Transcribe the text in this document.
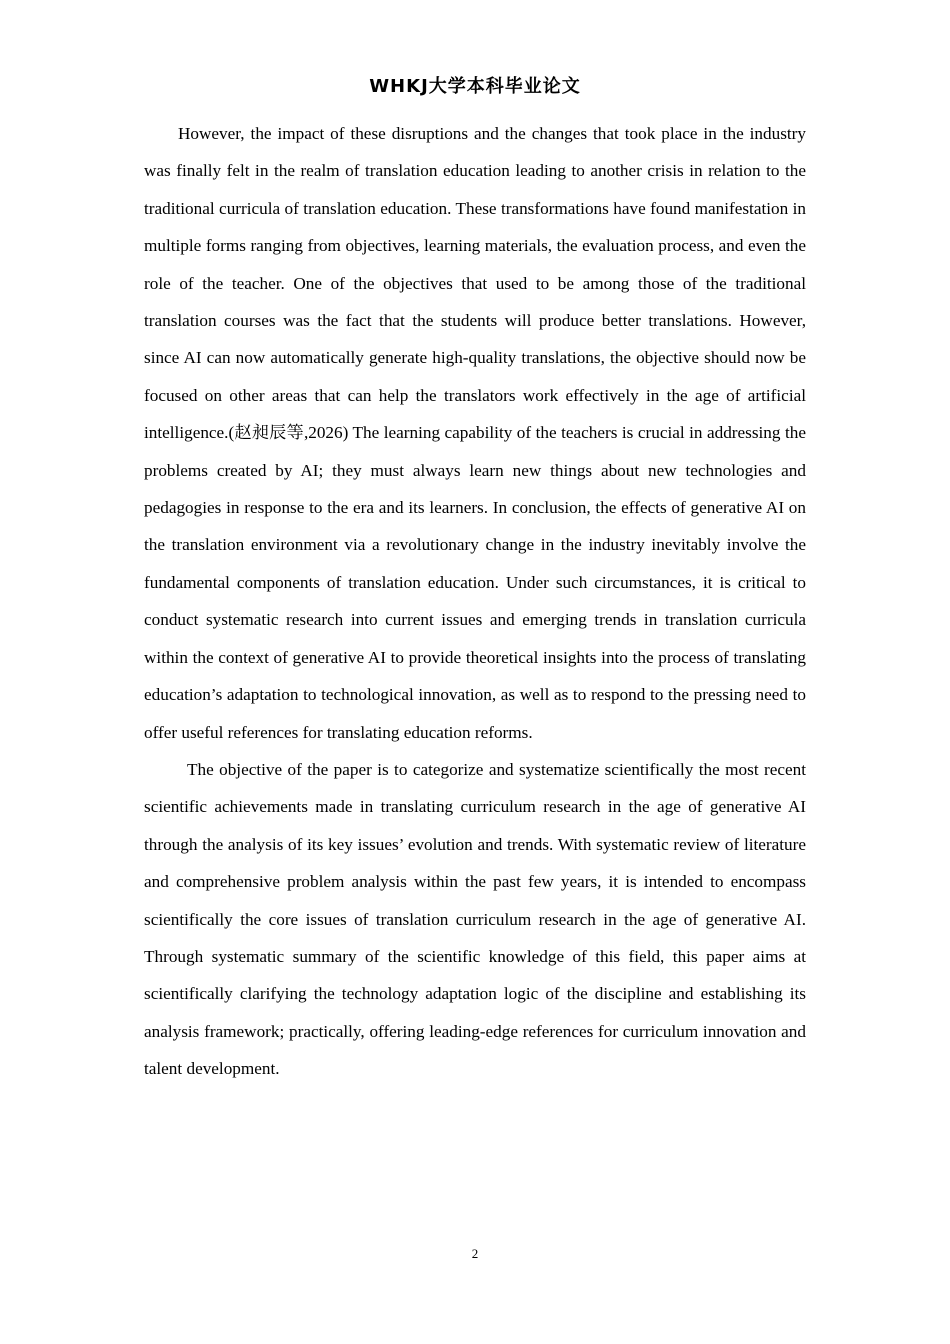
WHKJ大学本科毕业论文

However, the impact of these disruptions and the changes that took place in the industry was finally felt in the realm of translation education leading to another crisis in relation to the traditional curricula of translation education. These transformations have found manifestation in multiple forms ranging from objectives, learning materials, the evaluation process, and even the role of the teacher. One of the objectives that used to be among those of the traditional translation courses was the fact that the students will produce better translations. However, since AI can now automatically generate high-quality translations, the objective should now be focused on other areas that can help the translators work effectively in the age of artificial intelligence.(赵昶辰等,2026) The learning capability of the teachers is crucial in addressing the problems created by AI; they must always learn new things about new technologies and pedagogies in response to the era and its learners. In conclusion, the effects of generative AI on the translation environment via a revolutionary change in the industry inevitably involve the fundamental components of translation education. Under such circumstances, it is critical to conduct systematic research into current issues and emerging trends in translation curricula within the context of generative AI to provide theoretical insights into the process of translating education’s adaptation to technological innovation, as well as to respond to the pressing need to offer useful references for translating education reforms.

The objective of the paper is to categorize and systematize scientifically the most recent scientific achievements made in translating curriculum research in the age of generative AI through the analysis of its key issues’ evolution and trends. With systematic review of literature and comprehensive problem analysis within the past few years, it is intended to encompass scientifically the core issues of translation curriculum research in the age of generative AI. Through systematic summary of the scientific knowledge of this field, this paper aims at scientifically clarifying the technology adaptation logic of the discipline and establishing its analysis framework; practically, offering leading-edge references for curriculum innovation and talent development.

2
